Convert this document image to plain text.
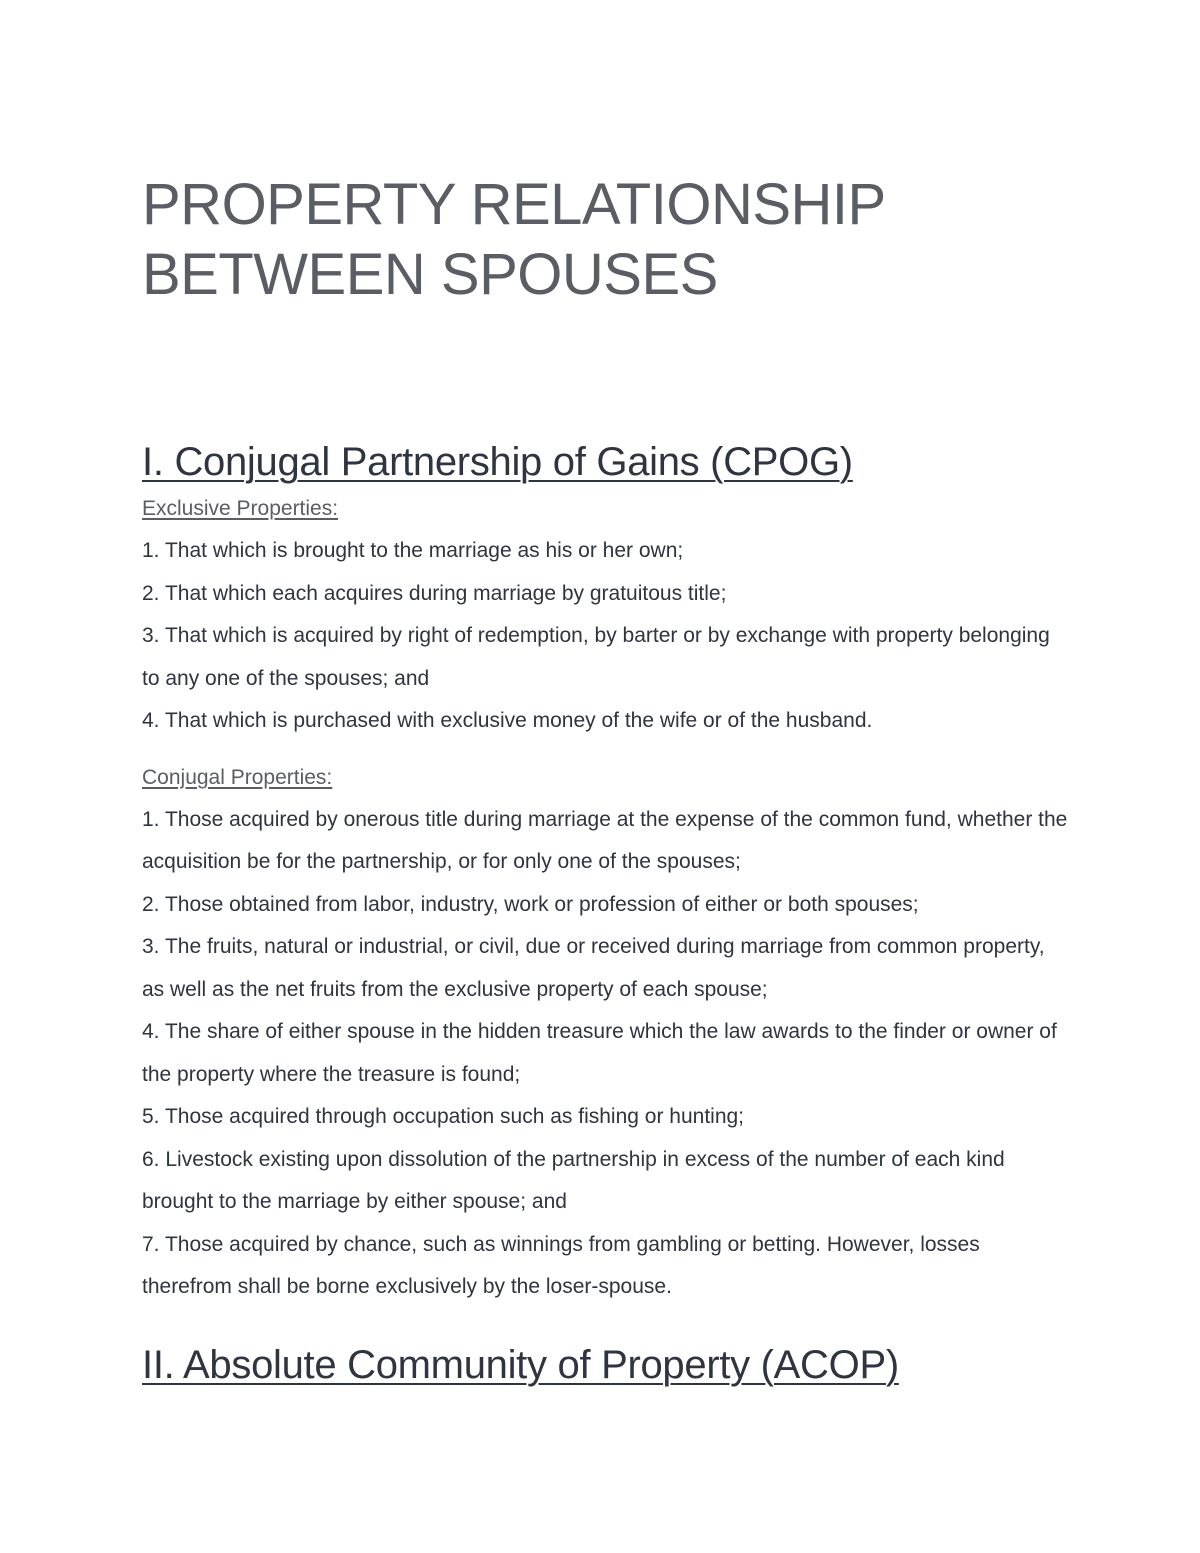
PROPERTY RELATIONSHIP
BETWEEN SPOUSES
I. Conjugal Partnership of Gains (CPOG)

Exclusive Properties:

1. That which is brought to the marriage as his or her own;
2. That which each acquires during marriage by gratuitous title;
3. That which is acquired by right of redemption, by barter or by exchange with property belonging to any one of the spouses; and
4. That which is purchased with exclusive money of the wife or of the husband.

Conjugal Properties:

1. Those acquired by onerous title during marriage at the expense of the common fund, whether the acquisition be for the partnership, or for only one of the spouses;
2. Those obtained from labor, industry, work or profession of either or both spouses;
3. The fruits, natural or industrial, or civil, due or received during marriage from common property, as well as the net fruits from the exclusive property of each spouse;
4. The share of either spouse in the hidden treasure which the law awards to the finder or owner of the property where the treasure is found;
5. Those acquired through occupation such as fishing or hunting;
6. Livestock existing upon dissolution of the partnership in excess of the number of each kind brought to the marriage by either spouse; and
7. Those acquired by chance, such as winnings from gambling or betting. However, losses therefrom shall be borne exclusively by the loser-spouse.
II. Absolute Community of Property (ACOP)
